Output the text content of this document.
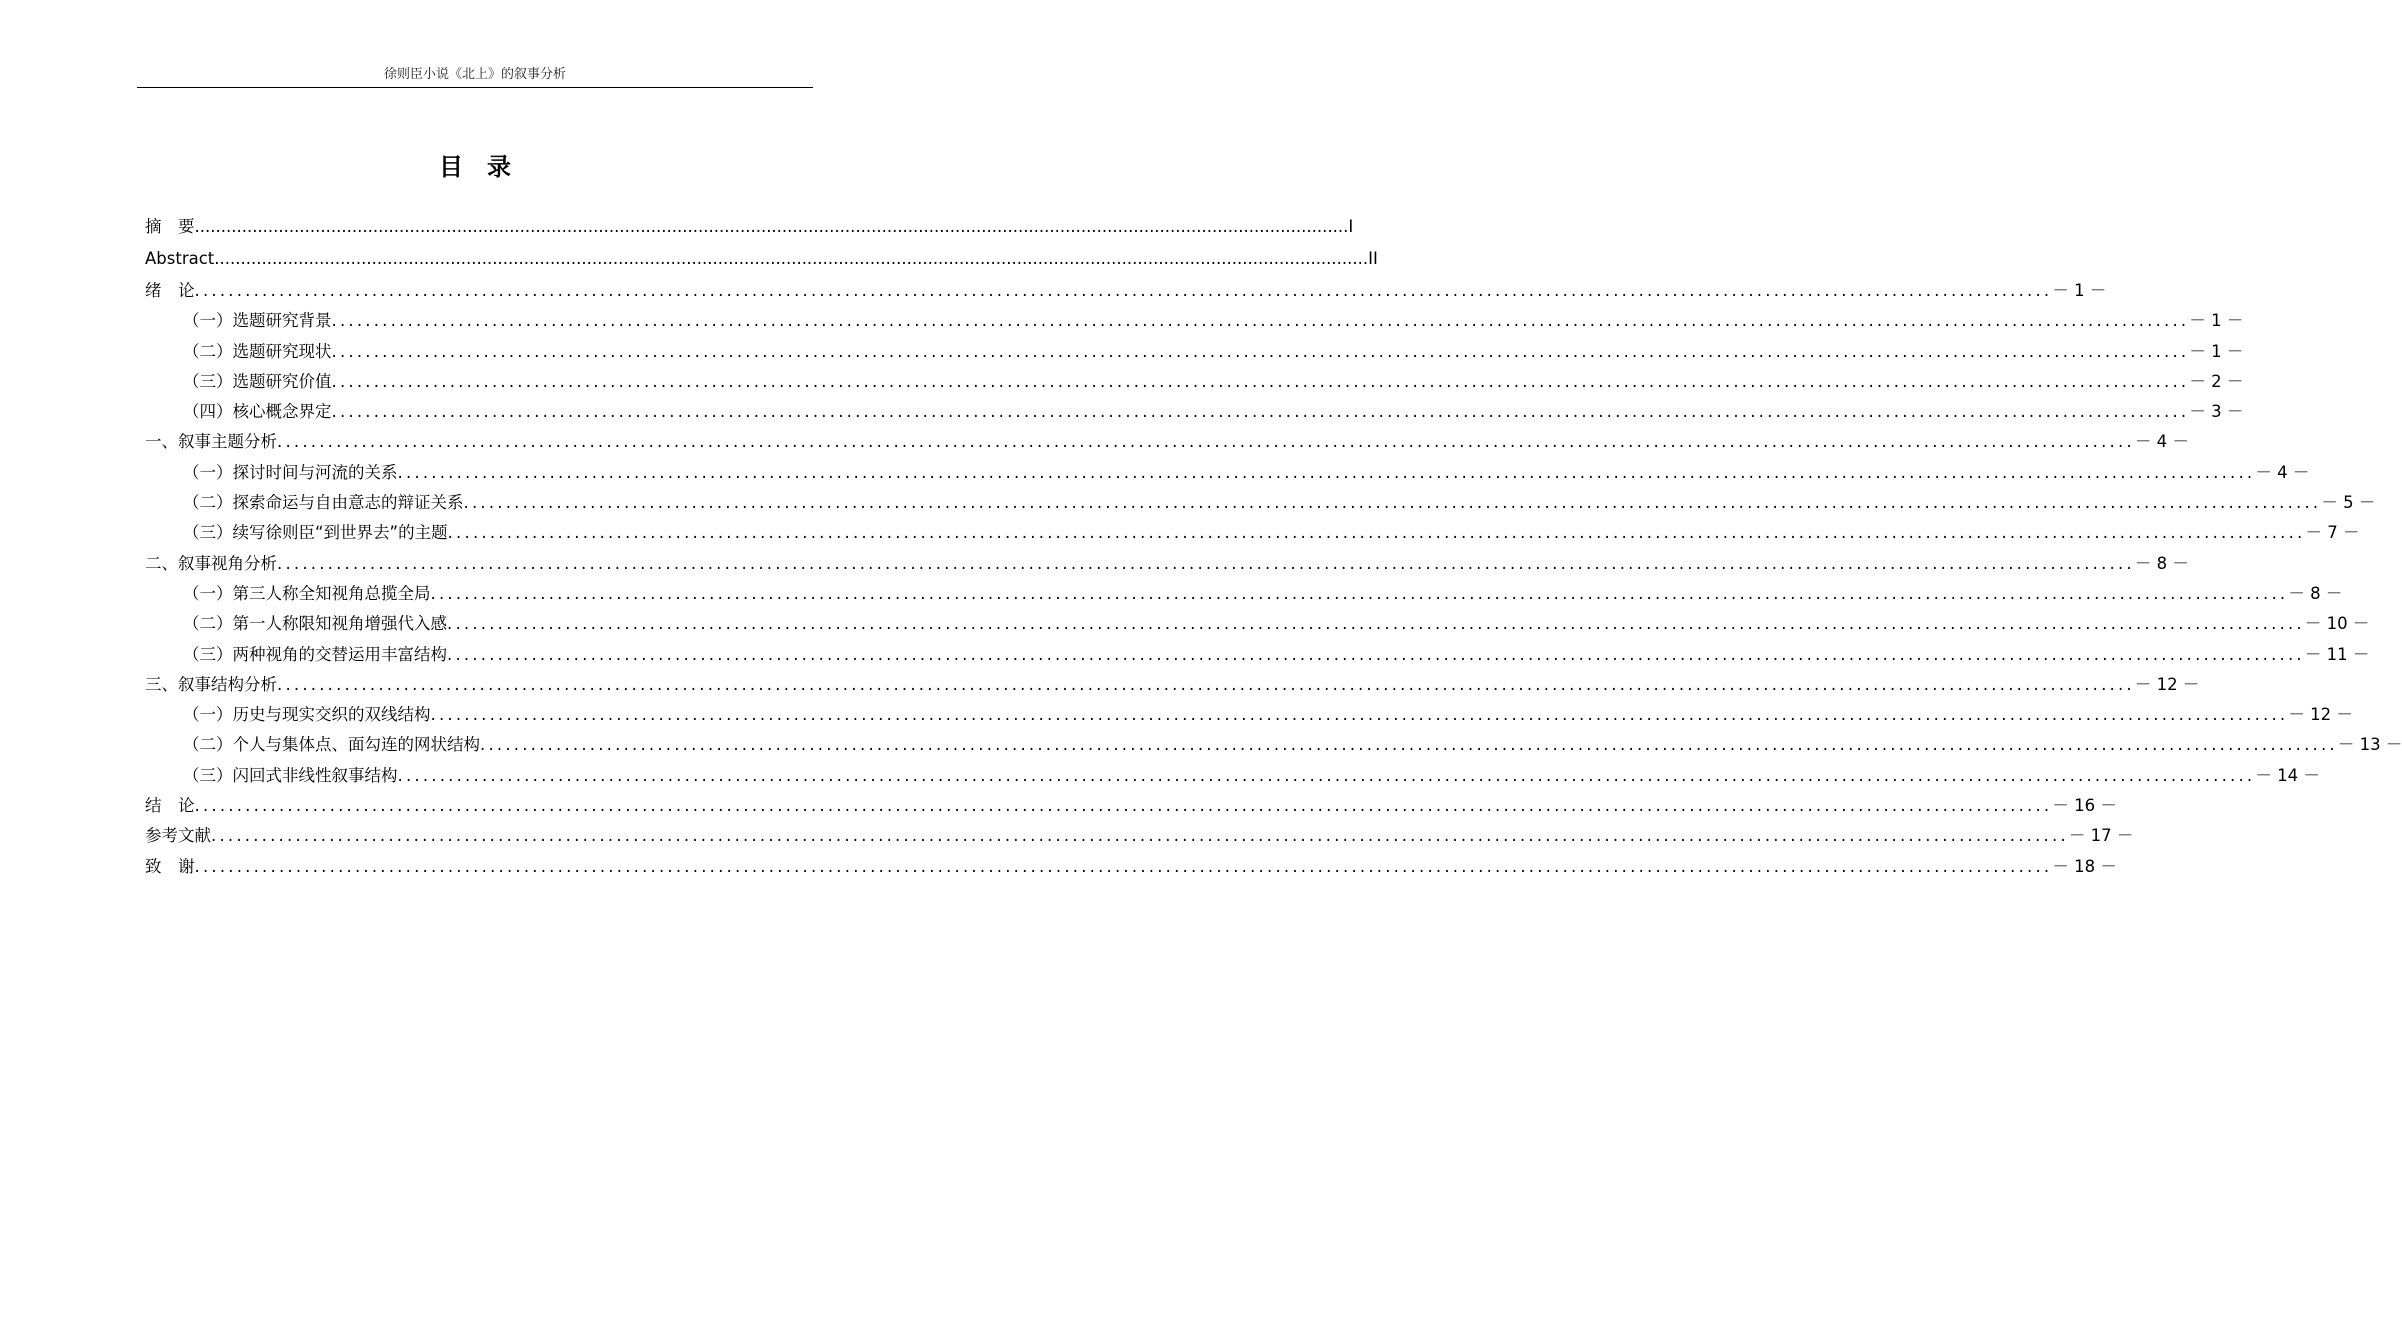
徐则臣小说《北上》的叙事分析
目　录
摘　要 ............................................................................................................................................................................................................................ I
Abstract ............................................................................................................................................................................................................................ II
绪　论 ............................................................................................................................................................................................................................ － 1 －
（一）选题研究背景 ............................................................................................................................................................................................................................ － 1 －
（二）选题研究现状 ............................................................................................................................................................................................................................ － 1 －
（三）选题研究价值 ............................................................................................................................................................................................................................ － 2 －
（四）核心概念界定 ............................................................................................................................................................................................................................ － 3 －
一、叙事主题分析 ............................................................................................................................................................................................................................ － 4 －
（一）探讨时间与河流的关系 ............................................................................................................................................................................................................................ － 4 －
（二）探索命运与自由意志的辩证关系 ............................................................................................................................................................................................................................ － 5 －
（三）续写徐则臣“到世界去”的主题 ............................................................................................................................................................................................................................ － 7 －
二、叙事视角分析 ............................................................................................................................................................................................................................ － 8 －
（一）第三人称全知视角总揽全局 ............................................................................................................................................................................................................................ － 8 －
（二）第一人称限知视角增强代入感 ............................................................................................................................................................................................................................ － 10 －
（三）两种视角的交替运用丰富结构 ............................................................................................................................................................................................................................ － 11 －
三、叙事结构分析 ............................................................................................................................................................................................................................ － 12 －
（一）历史与现实交织的双线结构 ............................................................................................................................................................................................................................ － 12 －
（二）个人与集体点、面勾连的网状结构 ............................................................................................................................................................................................................................ － 13 －
（三）闪回式非线性叙事结构 ............................................................................................................................................................................................................................ － 14 －
结　论 ............................................................................................................................................................................................................................ － 16 －
参考文献 ............................................................................................................................................................................................................................ － 17 －
致　谢 ............................................................................................................................................................................................................................ － 18 －
